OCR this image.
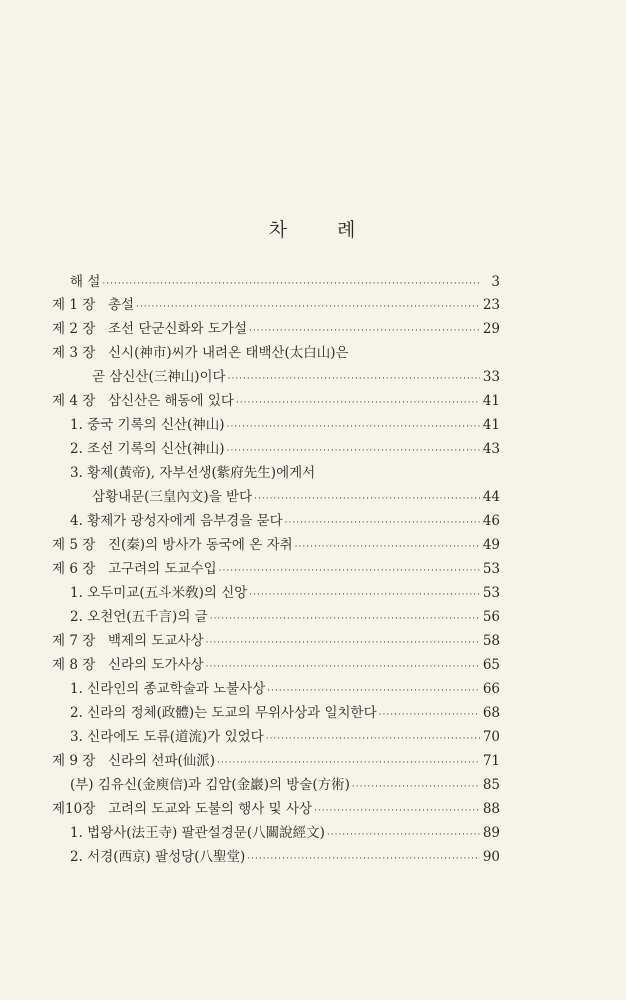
차	례
해 설 ·····	3
제 1 장 총설 ·····	23
제 2 장 조선 단군신화와 도가설 ·····	29
제 3 장 신시(神市)씨가 내려온 태백산(太白山)은
곧 삼신산(三神山)이다 ·····	33
제 4 장 삼신산은 해동에 있다 ·····	41
1. 중국 기록의 신산(神山) ·····	41
2. 조선 기록의 신산(神山) ·····	43
3. 황제(黃帝), 자부선생(紫府先生)에게서
삼황내문(三皇內文)을 받다 ·····	44
4. 황제가 광성자에게 음부경을 묻다 ·····	46
제 5 장 진(秦)의 방사가 동국에 온 자취 ·····	49
제 6 장 고구려의 도교수입 ·····	53
1. 오두미교(五斗米敎)의 신앙 ·····	53
2. 오천언(五千言)의 글 ·····	56
제 7 장 백제의 도교사상 ·····	58
제 8 장 신라의 도가사상 ·····	65
1. 신라인의 종교학술과 노불사상 ·····	66
2. 신라의 정체(政體)는 도교의 무위사상과 일치한다 ·····	68
3. 신라에도 도류(道流)가 있었다 ·····	70
제 9 장 신라의 선파(仙派) ·····	71
(부) 김유신(金庾信)과 김암(金巖)의 방술(方術) ·····	85
제10장 고려의 도교와 도불의 행사 및 사상 ·····	88
1. 법왕사(法王寺) 팔관설경문(八關說經文) ·····	89
2. 서경(西京) 팔성당(八聖堂) ·····	90
